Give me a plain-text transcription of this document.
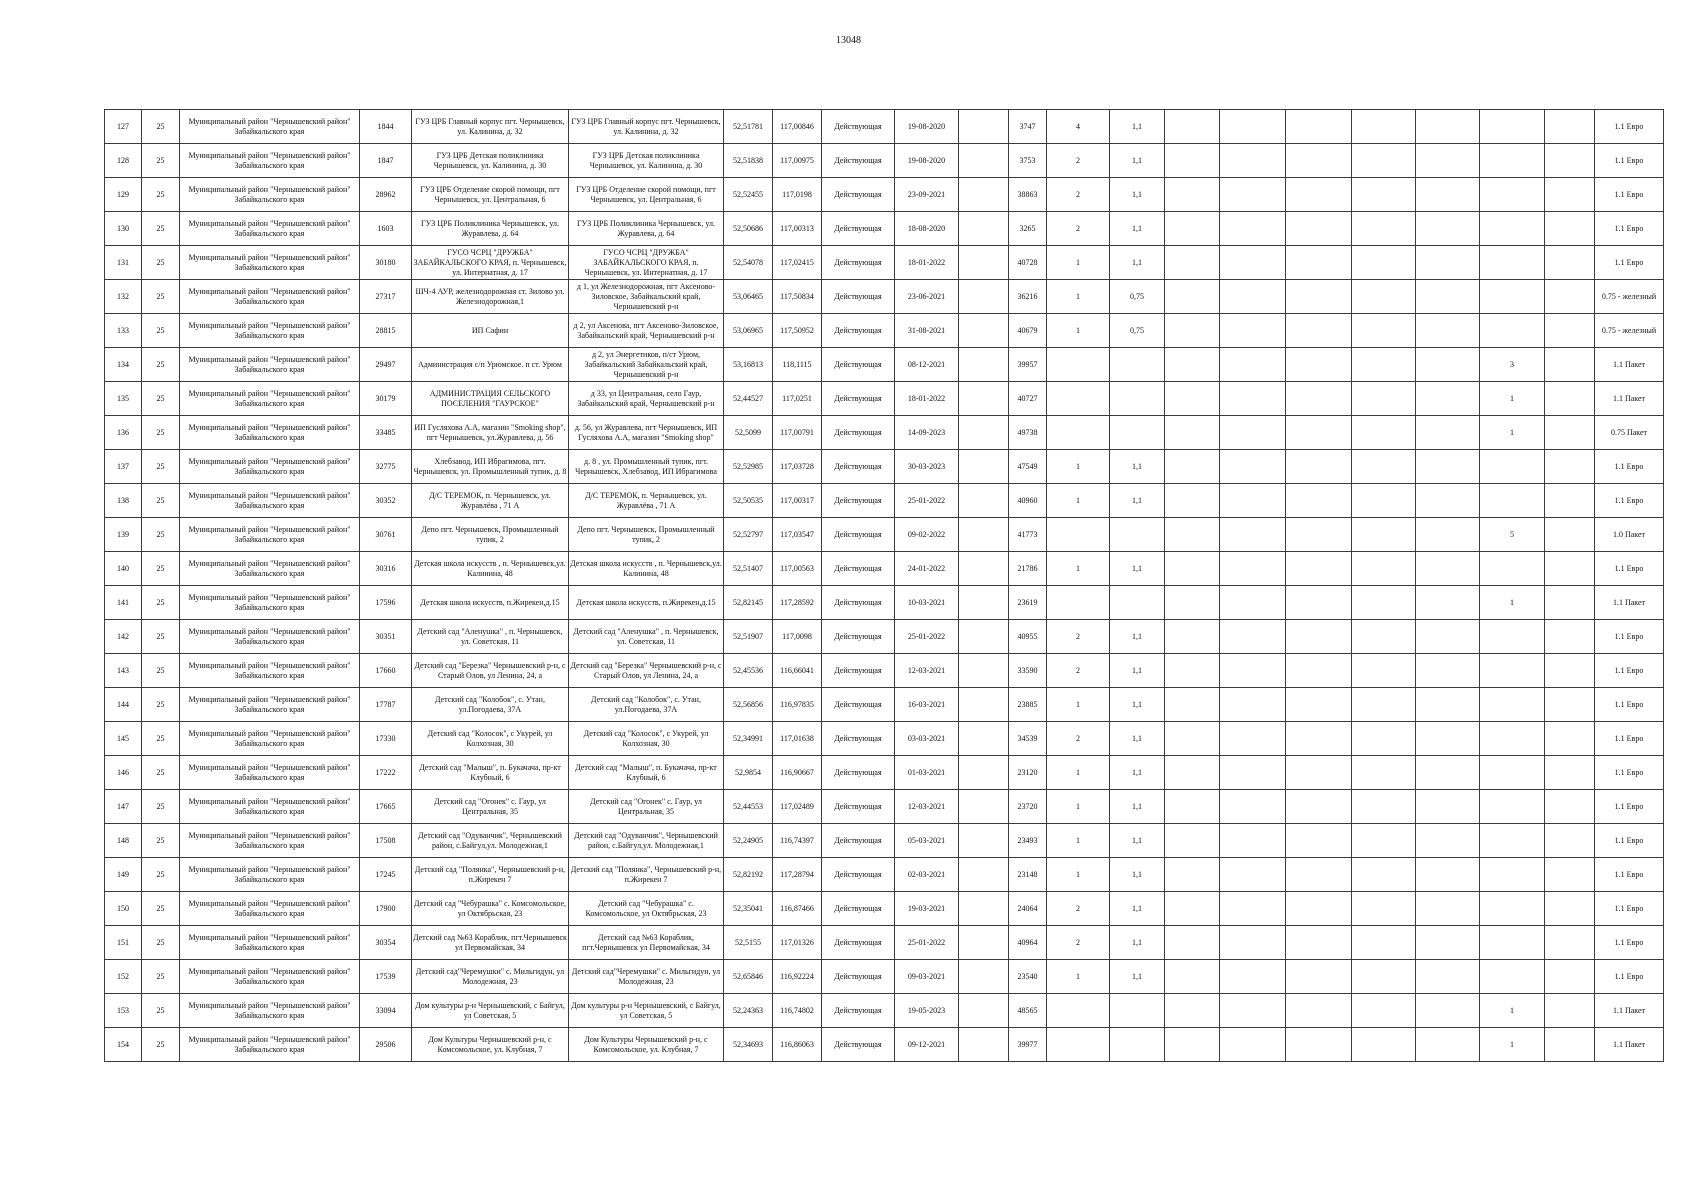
13048
127	25	Муниципальный район "Чернышевский район" Забайкальского края	1844	ГУЗ ЦРБ Главный корпус пгт. Чернышевск, ул. Калинина, д. 32	ГУЗ ЦРБ Главный корпус пгт. Чернышевск, ул. Калинина, д. 32	52,51781	117,00846	Действующая	19-08-2020		3747	4	1,1								1.1 Евро
128	25	Муниципальный район "Чернышевский район" Забайкальского края	1847	ГУЗ ЦРБ Детская поликлиника Чернышевск, ул. Калинина, д. 30	ГУЗ ЦРБ Детская поликлиника Чернышевск, ул. Калинина, д. 30	52,51838	117,00975	Действующая	19-08-2020		3753	2	1,1								1.1 Евро
129	25	Муниципальный район "Чернышевский район" Забайкальского края	28962	ГУЗ ЦРБ Отделение скорой помощи, пгт Чернышевск, ул. Центральная, 6	ГУЗ ЦРБ Отделение скорой помощи, пгт Чернышевск, ул. Центральная, 6	52,52455	117,0198	Действующая	23-09-2021		38863	2	1,1								1.1 Евро
130	25	Муниципальный район "Чернышевский район" Забайкальского края	1603	ГУЗ ЦРБ Поликлиника Чернышевск, ул. Журавлева, д. 64	ГУЗ ЦРБ Поликлиника Чернышевск, ул. Журавлева, д. 64	52,50686	117,00313	Действующая	18-08-2020		3265	2	1,1								1.1 Евро
131	25	Муниципальный район "Чернышевский район" Забайкальского края	30180	ГУСО ЧСРЦ "ДРУЖБА" ЗАБАЙКАЛЬСКОГО КРАЯ, п. Чернышевск, ул. Интернатная, д. 17	ГУСО ЧСРЦ "ДРУЖБА" ЗАБАЙКАЛЬСКОГО КРАЯ, п. Чернышевск, ул. Интернатная, д. 17	52,54078	117,02415	Действующая	18-01-2022		40728	1	1,1								1.1 Евро
132	25	Муниципальный район "Чернышевский район" Забайкальского края	27317	ШЧ-4 АУР, железнодорожная ст. Зилово ул. Железнодорожная,1	д 1, ул Железнодорожная, пгт Аксеново-Зиловское, Забайкальский край, Чернышевский р-н	53,06465	117,50834	Действующая	23-06-2021		36216	1	0,75								0.75 - железный
133	25	Муниципальный район "Чернышевский район" Забайкальского края	28815	ИП Сафин	д 2, ул Аксенова, пгт Аксеново-Зиловское, Забайкальский край, Чернышевский р-н	53,06965	117,50952	Действующая	31-08-2021		40679	1	0,75								0.75 - железный
134	25	Муниципальный район "Чернышевский район" Забайкальского края	29497	Администрация с/п Урюмское. п ст. Урюм	д 2, ул Энергетиков, п/ст Урюм, Забайкальский Забайкальский край, Чернышевский р-н	53,16813	118,1115	Действующая	08-12-2021		39957								3		1.1 Пакет
135	25	Муниципальный район "Чернышевский район" Забайкальского края	30179	АДМИНИСТРАЦИЯ СЕЛЬСКОГО ПОСЕЛЕНИЯ "ГАУРСКОЕ"	д 33, ул Центральная, село Гаур, Забайкальский край, Чернышевский р-н	52,44527	117,0251	Действующая	18-01-2022		40727								1		1.1 Пакет
136	25	Муниципальный район "Чернышевский район" Забайкальского края	33485	ИП Гусляхова А.А, магазин "Smoking shop", пгт Чернышевск, ул.Журавлева, д. 56	д. 56, ул Журавлева, пгт Чернышевск, ИП Гусляхова А.А, магазин "Smoking shop"	52,5099	117,00791	Действующая	14-09-2023		49738								1		0.75 Пакет
137	25	Муниципальный район "Чернышевский район" Забайкальского края	32775	Хлебзавод, ИП Ибрагимова, пгт. Чернышевск, ул. Промышленный тупик, д. 8	д. 8 , ул. Промышленный тупик, пгт. Чернышевск, Хлебзавод, ИП Ибрагимова	52,52985	117,03728	Действующая	30-03-2023		47549	1	1,1								1.1 Евро
138	25	Муниципальный район "Чернышевский район" Забайкальского края	30352	Д/С ТЕРЕМОК, п. Чернышевск, ул. Журавлёва , 71 А	Д/С ТЕРЕМОК, п. Чернышевск, ул. Журавлёва , 71 А	52,50535	117,00317	Действующая	25-01-2022		40960	1	1,1								1.1 Евро
139	25	Муниципальный район "Чернышевский район" Забайкальского края	30761	Депо пгт. Чернышевск, Промышленный тупик, 2	Депо пгт. Чернышевск, Промышленный тупик, 2	52,52797	117,03547	Действующая	09-02-2022		41773								5		1.0 Пакет
140	25	Муниципальный район "Чернышевский район" Забайкальского края	30316	Детская школа искусств , п. Чернышевск,ул. Калинина, 48	Детская школа искусств , п. Чернышевск,ул. Калинина, 48	52,51407	117,00563	Действующая	24-01-2022		21786	1	1,1								1.1 Евро
141	25	Муниципальный район "Чернышевский район" Забайкальского края	17596	Детская школа искусств, п.Жирекен,д.15	Детская школа искусств, п.Жирекен,д.15	52,82145	117,28592	Действующая	10-03-2021		23619								1		1.1 Пакет
142	25	Муниципальный район "Чернышевский район" Забайкальского края	30351	Детский сад "Аленушка" , п. Чернышевск, ул. Советская, 11	Детский сад "Аленушка" , п. Чернышевск, ул. Советская, 11	52,51907	117,0098	Действующая	25-01-2022		40955	2	1,1								1.1 Евро
143	25	Муниципальный район "Чернышевский район" Забайкальского края	17660	Детский сад "Березка" Чернышевский р-н, с Старый Олов, ул Ленина, 24, а	Детский сад "Березка" Чернышевский р-н, с Старый Олов, ул Ленина, 24, а	52,45536	116,66041	Действующая	12-03-2021		33590	2	1,1								1.1 Евро
144	25	Муниципальный район "Чернышевский район" Забайкальского края	17787	Детский сад "Колобок", с. Утан, ул.Погодаева, 37А	Детский сад "Колобок", с. Утан, ул.Погодаева, 37А	52,56856	116,97835	Действующая	16-03-2021		23885	1	1,1								1.1 Евро
145	25	Муниципальный район "Чернышевский район" Забайкальского края	17330	Детский сад "Колосок", с Укурей, ул Колхозная, 30	Детский сад "Колосок", с Укурей, ул Колхозная, 30	52,34991	117,01638	Действующая	03-03-2021		34539	2	1,1								1.1 Евро
146	25	Муниципальный район "Чернышевский район" Забайкальского края	17222	Детский сад "Малыш", п. Букачача, пр-кт Клубный, 6	Детский сад "Малыш", п. Букачача, пр-кт Клубный, 6	52,9854	116,90667	Действующая	01-03-2021		23120	1	1,1								1.1 Евро
147	25	Муниципальный район "Чернышевский район" Забайкальского края	17665	Детский сад "Огонек" с. Гаур, ул Центральная, 35	Детский сад "Огонек" с. Гаур, ул Центральная, 35	52,44553	117,02489	Действующая	12-03-2021		23720	1	1,1								1.1 Евро
148	25	Муниципальный район "Чернышевский район" Забайкальского края	17508	Детский сад "Одуванчик", Чернышевский район, с.Байгул,ул. Молодежная,1	Детский сад "Одуванчик", Чернышевский район, с.Байгул,ул. Молодежная,1	52,24905	116,74397	Действующая	05-03-2021		23493	1	1,1								1.1 Евро
149	25	Муниципальный район "Чернышевский район" Забайкальского края	17245	Детский сад "Полянка", Чернышевский р-н, п.Жирекен 7	Детский сад "Полянка", Чернышевский р-н, п.Жирекен 7	52,82192	117,28794	Действующая	02-03-2021		23148	1	1,1								1.1 Евро
150	25	Муниципальный район "Чернышевский район" Забайкальского края	17900	Детский сад "Чебурашка" с. Комсомольское, ул Октябрьская, 23	Детский сад "Чебурашка" с. Комсомольское, ул Октябрьская, 23	52,35041	116,87466	Действующая	19-03-2021		24064	2	1,1								1.1 Евро
151	25	Муниципальный район "Чернышевский район" Забайкальского края	30354	Детский сад №63 Кораблик, пгт.Чернышевск ул Первомайская, 34	Детский сад №63 Кораблик, пгт.Чернышевск ул Первомайская, 34	52,5155	117,01326	Действующая	25-01-2022		40964	2	1,1								1.1 Евро
152	25	Муниципальный район "Чернышевский район" Забайкальского края	17539	Детский сад"Черемушки" с. Мильгидун, ул Молодежная, 23	Детский сад"Черемушки" с. Мильгидун, ул Молодежная, 23	52,65846	116,92224	Действующая	09-03-2021		23540	1	1,1								1.1 Евро
153	25	Муниципальный район "Чернышевский район" Забайкальского края	33094	Дом культуры р-н Чернышевский, с Байгул, ул Советская, 5	Дом культуры р-н Чернышевский, с Байгул, ул Советская, 5	52,24363	116,74802	Действующая	19-05-2023		48565								1		1.1 Пакет
154	25	Муниципальный район "Чернышевский район" Забайкальского края	29506	Дом Культуры Чернышевский р-н, с Комсомольское, ул. Клубная, 7	Дом Культуры Чернышевский р-н, с Комсомольское, ул. Клубная, 7	52,34693	116,86063	Действующая	09-12-2021		39977								1		1.1 Пакет
